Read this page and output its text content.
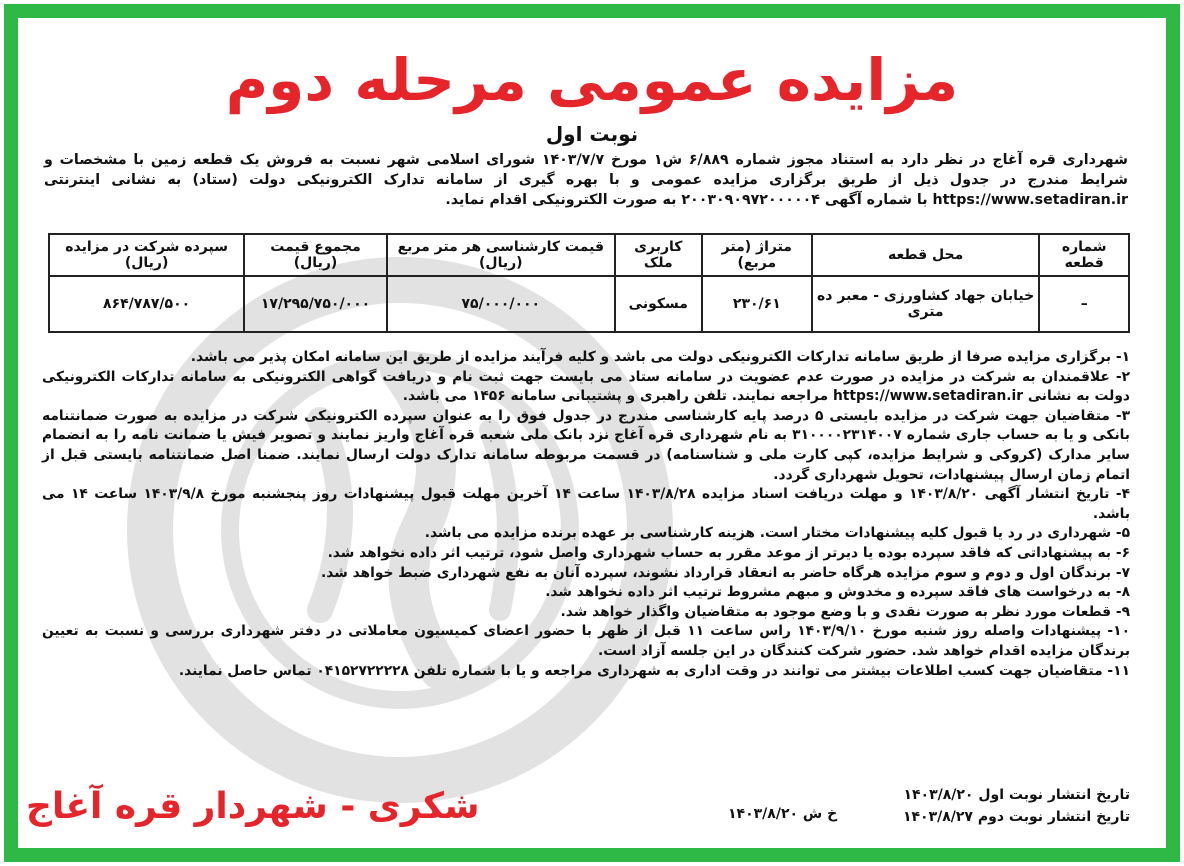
مزایده عمومی مرحله دوم
نوبت اول
شهرداری قره آغاج در نظر دارد به استناد مجوز شماره ۶/۸۸۹ ش۱ مورخ ۱۴۰۳/۷/۷ شورای اسلامی شهر نسبت به فروش یک قطعه زمین با مشخصات و شرایط مندرج در جدول ذیل از طریق برگزاری مزایده عمومی و با بهره گیری از سامانه تدارک الکترونیکی دولت (ستاد) به نشانی اینترنتی https://www.setadiran.ir با شماره آگهی ۲۰۰۳۰۹۰۹۷۲۰۰۰۰۰۴ به صورت الکترونیکی اقدام نماید.
شماره قطعه	محل قطعه	متراژ (متر مربع)	کاربری ملک	قیمت کارشناسی هر متر مربع (ریال)	مجموع قیمت (ریال)	سپرده شرکت در مزایده (ریال)
–	خیابان جهاد کشاورزی - معبر ده متری	۲۳۰/۶۱	مسکونی	۷۵/۰۰۰/۰۰۰	۱۷/۲۹۵/۷۵۰/۰۰۰	۸۶۴/۷۸۷/۵۰۰
۱- برگزاری مزایده صرفا از طریق سامانه تدارکات الکترونیکی دولت می باشد و کلیه فرآیند مزایده از طریق این سامانه امکان پذیر می باشد.
۲- علاقمندان به شرکت در مزایده در صورت عدم عضویت در سامانه ستاد می بایست جهت ثبت نام و دریافت گواهی الکترونیکی به سامانه تدارکات الکترونیکی دولت به نشانی https://www.setadiran.ir مراجعه نمایند. تلفن راهبری و پشتیبانی سامانه ۱۴۵۶ می باشد.
۳- متقاضیان جهت شرکت در مزایده بایستی ۵ درصد پایه کارشناسی مندرج در جدول فوق را به عنوان سپرده الکترونیکی شرکت در مزایده به صورت ضمانتنامه بانکی و یا به حساب جاری شماره ۳۱۰۰۰۰۲۳۱۴۰۰۷ به نام شهرداری قره آغاج نزد بانک ملی شعبه قره آغاج واریز نمایند و تصویر فیش یا ضمانت نامه را به انضمام سایر مدارک (کروکی و شرایط مزایده، کپی کارت ملی و شناسنامه) در قسمت مربوطه سامانه تدارک دولت ارسال نمایند. ضمنا اصل ضمانتنامه بایستی قبل از اتمام زمان ارسال پیشنهادات، تحویل شهرداری گردد.
۴- تاریخ انتشار آگهی ۱۴۰۳/۸/۲۰ و مهلت دریافت اسناد مزایده ۱۴۰۳/۸/۲۸ ساعت ۱۴ آخرین مهلت قبول پیشنهادات روز پنجشنبه مورخ ۱۴۰۳/۹/۸ ساعت ۱۴ می باشد.
۵- شهرداری در رد یا قبول کلیه پیشنهادات مختار است. هزینه کارشناسی بر عهده برنده مزایده می باشد.
۶- به پیشنهاداتی که فاقد سپرده بوده یا دیرتر از موعد مقرر به حساب شهرداری واصل شود، ترتیب اثر داده نخواهد شد.
۷- برندگان اول و دوم و سوم مزایده هرگاه حاضر به انعقاد قرارداد نشوند، سپرده آنان به نفع شهرداری ضبط خواهد شد.
۸- به درخواست های فاقد سپرده و مخدوش و مبهم مشروط ترتیب اثر داده نخواهد شد.
۹- قطعات مورد نظر به صورت نقدی و با وضع موجود به متقاضیان واگذار خواهد شد.
۱۰- پیشنهادات واصله روز شنبه مورخ ۱۴۰۳/۹/۱۰ راس ساعت ۱۱ قبل از ظهر با حضور اعضای کمیسیون معاملاتی در دفتر شهرداری بررسی و نسبت به تعیین برندگان مزایده اقدام خواهد شد. حضور شرکت کنندگان در این جلسه آزاد است.
۱۱- متقاضیان جهت کسب اطلاعات بیشتر می توانند در وقت اداری به شهرداری مراجعه و یا با شماره تلفن ۰۴۱۵۲۷۲۲۲۲۸ تماس حاصل نمایند.
تاریخ انتشار نوبت اول ۱۴۰۳/۸/۲۰
تاریخ انتشار نوبت دوم ۱۴۰۳/۸/۲۷
خ ش ۱۴۰۳/۸/۲۰
شکری - شهردار قره آغاج
